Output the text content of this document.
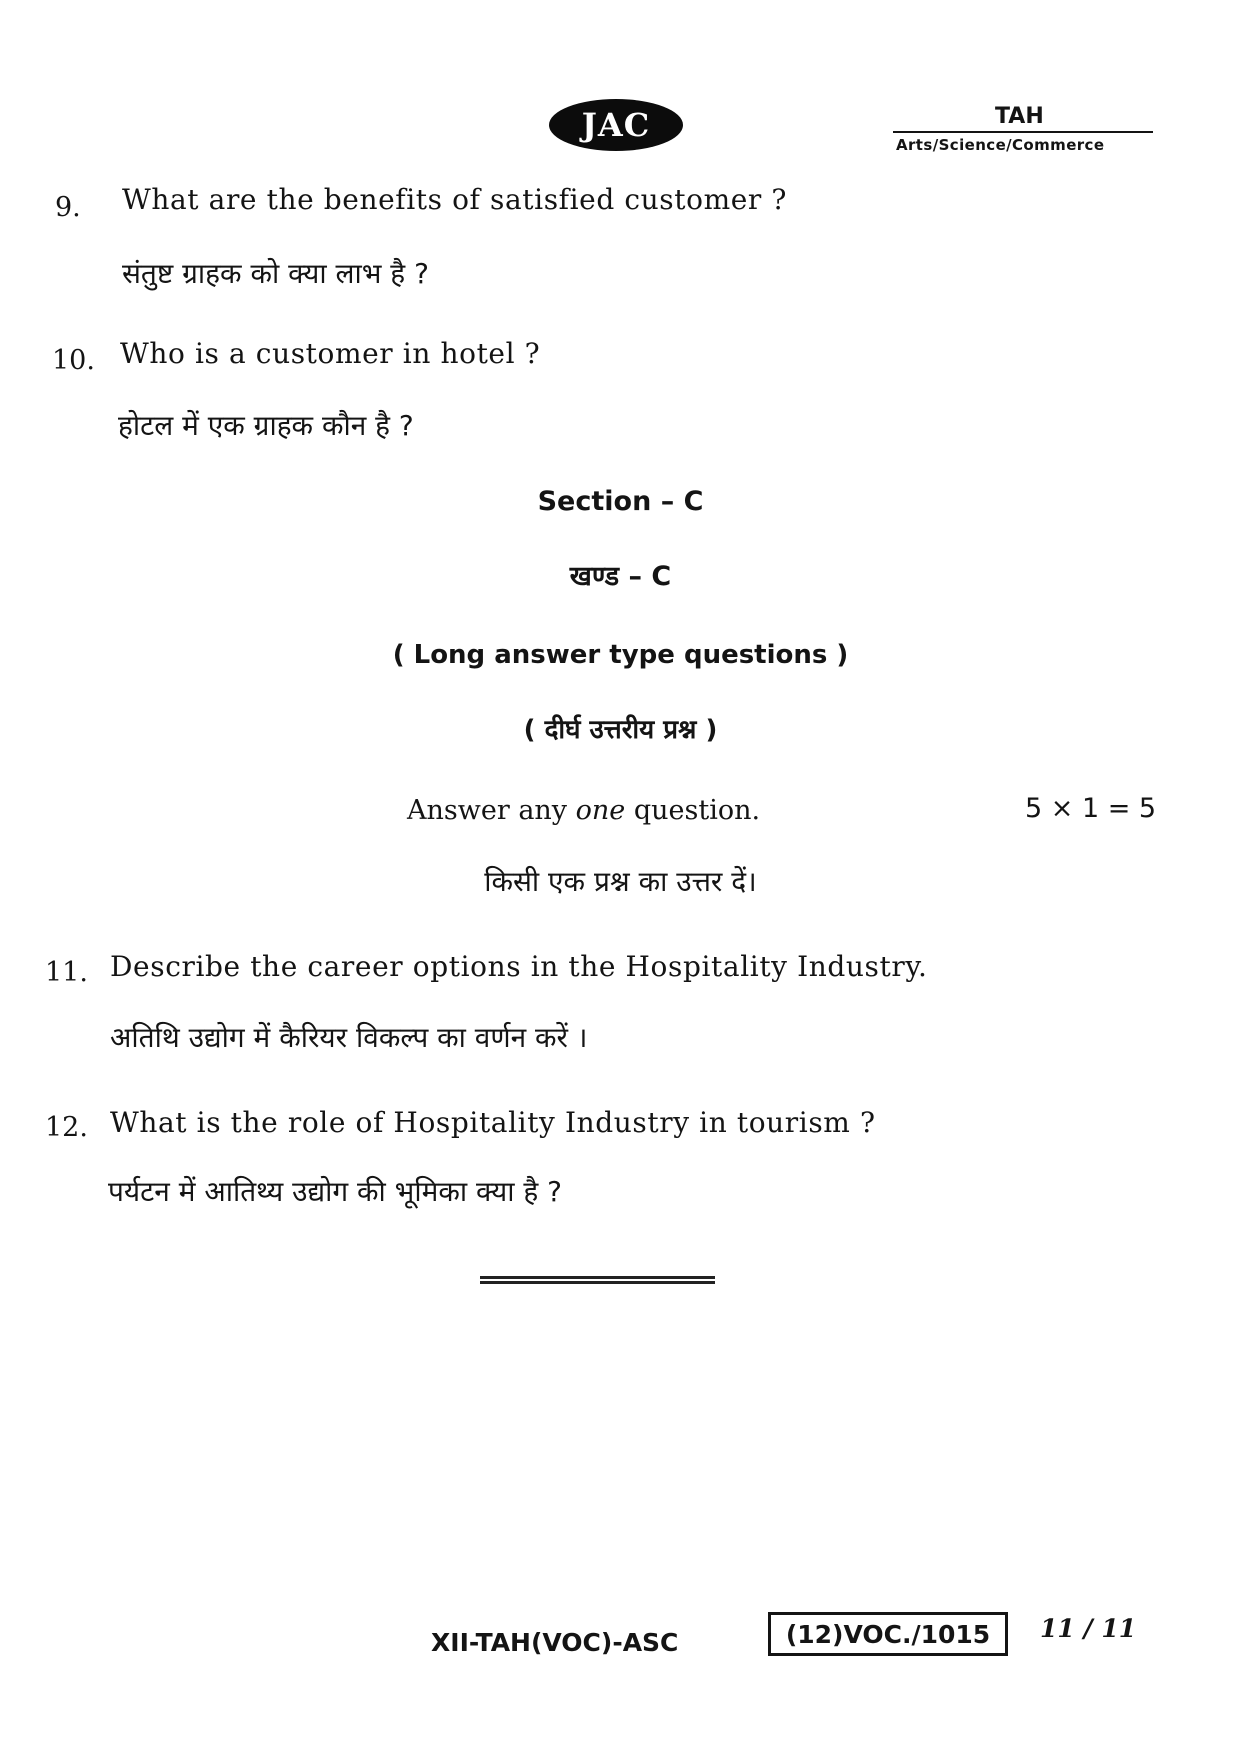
JAC	TAH
Arts/Science/Commerce
9. What are the benefits of satisfied customer ?
संतुष्ट ग्राहक को क्या लाभ है ?
10. Who is a customer in hotel ?
होटल में एक ग्राहक कौन है ?
Section – C
खण्ड – C
( Long answer type questions )
( दीर्घ उत्तरीय प्रश्न )
Answer any one question.	5 × 1 = 5
किसी एक प्रश्न का उत्तर दें।
11. Describe the career options in the Hospitality Industry.
अतिथि उद्योग में कैरियर विकल्प का वर्णन करें ।
12. What is the role of Hospitality Industry in tourism ?
पर्यटन में आतिथ्य उद्योग की भूमिका क्या है ?
XII-TAH(VOC)-ASC	(12)VOC./1015	11 / 11
